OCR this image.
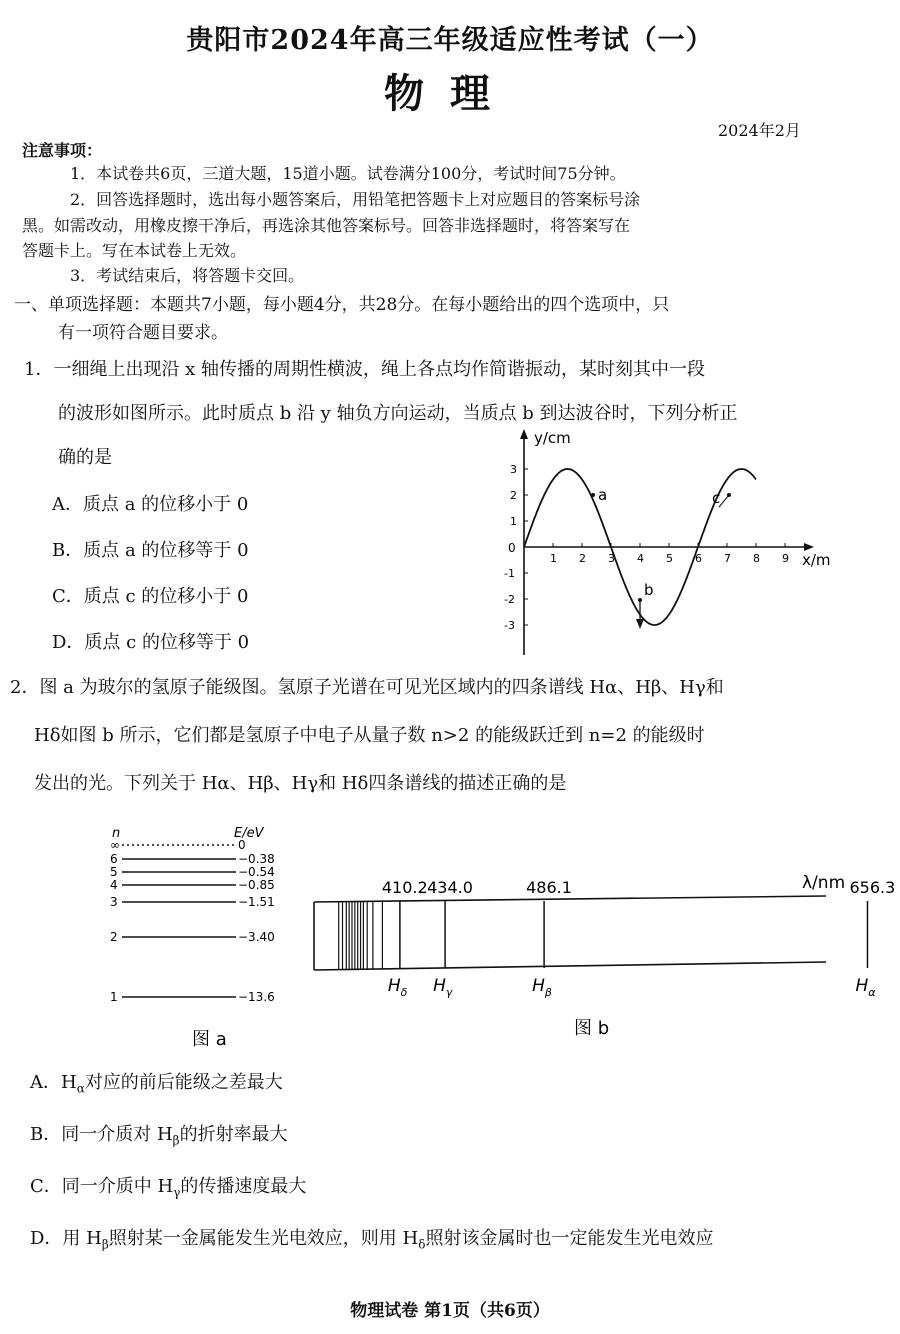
贵阳市2024年高三年级适应性考试（一）
物理
2024年2月
注意事项：
1．本试卷共6页，三道大题，15道小题。试卷满分100分，考试时间75分钟。
2．回答选择题时，选出每小题答案后，用铅笔把答题卡上对应题目的答案标号涂
黑。如需改动，用橡皮擦干净后，再选涂其他答案标号。回答非选择题时，将答案写在
答题卡上。写在本试卷上无效。
3．考试结束后，将答题卡交回。
一、单项选择题：本题共7小题，每小题4分，共28分。在每小题给出的四个选项中，只
有一项符合题目要求。
1．一细绳上出现沿 x 轴传播的周期性横波，绳上各点均作简谐振动，某时刻其中一段
的波形如图所示。此时质点 b 沿 y 轴负方向运动，当质点 b 到达波谷时，下列分析正
确的是
A．质点 a 的位移小于 0
B．质点 a 的位移等于 0
C．质点 c 的位移小于 0
D．质点 c 的位移等于 0
y/cm
x/m
0
1 2 3 4 5 6 7 8 9
3
2
1
-1
-2
-3
a	c
b
2．图 a 为玻尔的氢原子能级图。氢原子光谱在可见光区域内的四条谱线 Hα、Hβ、Hγ和
Hδ如图 b 所示，它们都是氢原子中电子从量子数 n>2 的能级跃迁到 n=2 的能级时
发出的光。下列关于 Hα、Hβ、Hγ和 Hδ四条谱线的描述正确的是
n	E/eV
∞	0
6	−0.38
5	−0.54
4	−0.85
3	−1.51
2	−3.40
1	−13.6
图 a
$H_\delta$
410.2
$H_\gamma$
434.0
$H_\beta$
486.1
$H_\alpha$
656.3
λ/nm
图 b
A．$H_\alpha$对应的前后能级之差最大
B．同一介质对 $H_\beta$的折射率最大
C．同一介质中 $H_\gamma$的传播速度最大
D．用 $H_\beta$照射某一金属能发生光电效应，则用 $H_\delta$照射该金属时也一定能发生光电效应
物理试卷 第1页（共6页）
